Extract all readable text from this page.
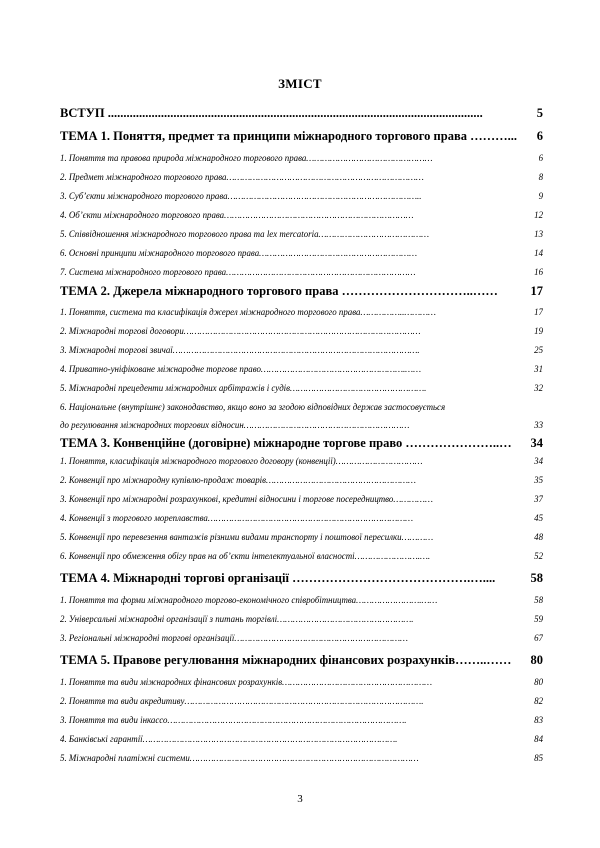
ЗМІСТ
ВСТУП ........................................................................................................................	5
ТЕМА 1. Поняття, предмет та принципи міжнародного торгового права ………... 6
1. Поняття та правова природа міжнародного торгового права…………………………………………	6
2. Предмет міжнародного торгового права…………………………………………………………………	8
3. Суб’єкти міжнародного торгового права………………………………………………………………..	9
4. Об’єкти міжнародного торгового права………………………………………………………………	12
5. Співвідношення міжнародного торгового права та lex mercatoria……………………………………	13
6. Основні принципи міжнародного торгового права……………………………………………………	14
7. Система міжнародного торгового права………………………………………………………………	16
ТЕМА 2. Джерела міжнародного торгового права …………………………..……	17
1. Поняття, система та класифікація джерел міжнародного торгового права……………..…………	17
2. Міжнародні торгові договори………………………………………………………………………………	19
3. Міжнародні торгові звичаї………………………………………………………………………………….	25
4. Приватно-уніфіковане міжнародне торгове право……………………………………………….……	31
5. Міжнародні прецеденти міжнародних арбітражів і судів…………………………………………….	32
6. Національне (внутрішнє) законодавство, якщо воно за згодою відповідних держав застосовується
до регулювання міжнародних торгових відносин………………………………………………………	33
ТЕМА 3. Конвенційне (договірне) міжнародне торгове право …………………..… 34
1. Поняття, класифікація міжнародного торгового договору (конвенції)……………………………	34
2. Конвенції про міжнародну купівлю-продаж товарів…………………………………………………	35
3. Конвенції про міжнародні розрахункові, кредитні відносини і торгове посередництво……………	37
4. Конвенції з торгового мореплавства……………………………………………………………………	45
5. Конвенції про перевезення вантажів різними видами транспорту і поштової пересилки…………	48
6. Конвенції про обмеження обігу прав на об’єкти інтелектуальної власності…………………….….	52
ТЕМА 4. Міжнародні торгові організації …………………………………….…....	58
1. Поняття та форми міжнародного торгово-економічного співробітництва…………………….……	58
2. Універсальні міжнародні організації з питань торгівлі…………………………………………….	59
3. Регіональні міжнародні торгові організації…………………………………………………………	67
ТЕМА 5. Правове регулювання міжнародних фінансових розрахунків……..…… 80
1. Поняття та види міжнародних фінансових розрахунків…………………………………………………	80
2. Поняття та види акредитиву……………………………………………………………………………….	82
3. Поняття та види інкассо……………………………………………………………………………….	83
4. Банківські гарантії…………………………………………………………………………………….	84
5. Міжнародні платіжні системи……………………………………………………………………………	85
3
